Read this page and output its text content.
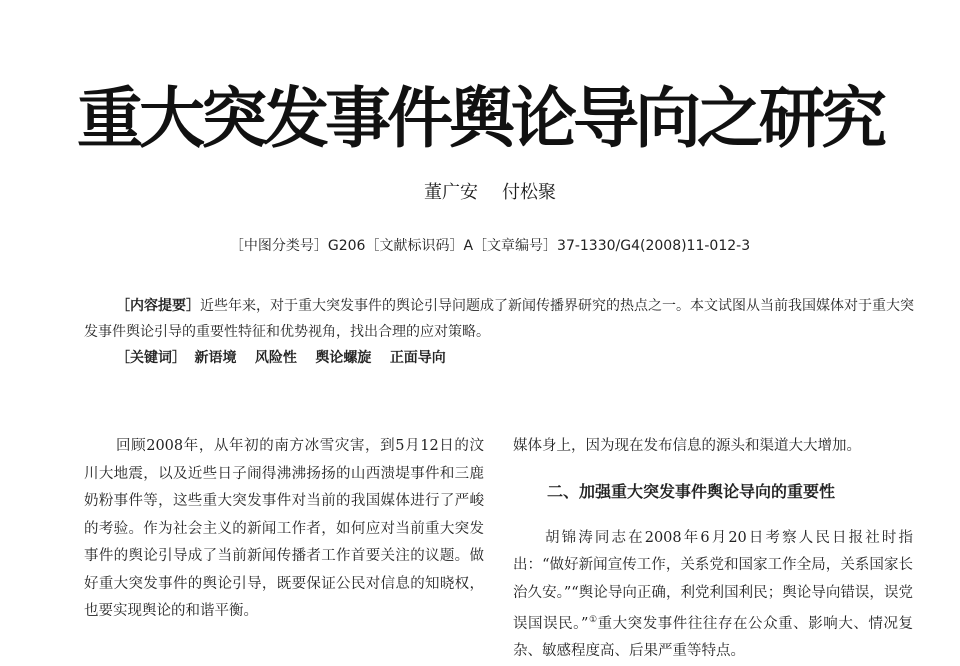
重大突发事件舆论导向之研究
董广安 付松聚
［中图分类号］G206［文献标识码］A［文章编号］37-1330/G4(2008)11-012-3
［内容提要］近些年来，对于重大突发事件的舆论引导问题成了新闻传播界研究的热点之一。本文试图从当前我国媒体对于重大突发事件舆论引导的重要性特征和优势视角，找出合理的应对策略。
［关键词］ 新语境 风险性 舆论螺旋 正面导向

回顾2008年，从年初的南方冰雪灾害，到5月12日的汶川大地震，以及近些日子闹得沸沸扬扬的山西溃堤事件和三鹿奶粉事件等，这些重大突发事件对当前的我国媒体进行了严峻的考验。作为社会主义的新闻工作者，如何应对当前重大突发事件的舆论引导成了当前新闻传播者工作首要关注的议题。做好重大突发事件的舆论引导，既要保证公民对信息的知晓权，也要实现舆论的和谐平衡。

媒体身上，因为现在发布信息的源头和渠道大大增加。

二、加强重大突发事件舆论导向的重要性

胡锦涛同志在2008年6月20日考察人民日报社时指出：“做好新闻宣传工作，关系党和国家工作全局，关系国家长治久安。”“舆论导向正确，利党利国利民；舆论导向错误，误党误国误民。”①重大突发事件往往存在公众重、影响大、情况复杂、敏感程度高、后果严重等特点。
